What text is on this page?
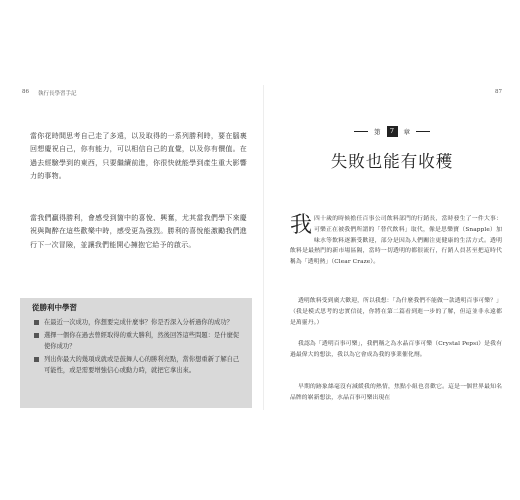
86 執行長學習手記

當你花時間思考自己走了多遠，以及取得的一系列勝利時，要在腦裏回想慶祝自己，你有能力，可以相信自己的直覺，以及你有價值。在過去經驗學到的東西，只要繼續前進，你很快就能學到產生重大影響力的事物。

當我們贏得勝利，會感受到箇中的喜悅、興奮，尤其當我們學下來慶祝與陶醉在這些歡樂中時，感受更為強烈。勝利的喜悅能激勵我們進行下一次冒險，並讓我們能開心擁抱它給予的啟示。

從勝利中學習
在最近一次成功，你想要完成什麼事？你是否深入分析過你的成功？
選擇一個你在過去曾經取得的重大勝利，然後回答這些問題：是什麼促使你成功？
列出你最大的幾項成就或是鼓舞人心的勝利亮點，當你想重新了解自己可能性，或是需要增強信心或動力時，就把它拿出來。
87
第	7	章
失敗也能有收穫
我 四十歲的時候擔任百事公司飲料部門的行銷長，當時發生了一件大事：可樂正在被我們所謂的「替代飲料」取代，像是思樂寶（Snapple）加味水等飲料逐漸受歡迎，部分是因為人們關注更健康的生活方式。透明飲料是最熱門的新市場區隔，當時一切透明的都很流行，行銷人員甚至把這時代稱為「透明熱」（Clear Craze）。

透明飲料受到廣大歡迎，所以我想：「為什麼我們不能做一款透明百事可樂？」（我是模式思考的忠實信徒，你將在第二篇看到進一步的了解，但這並非永遠都是萬靈丹。）

我認為「透明百事可樂」，我們稱之為水晶百事可樂（Crystal Pepsi）是我有過最偉大的想法，我以為它會成為我的事業催化劑。

早期的跡象絲毫沒有減緩我的熱情，焦點小組也喜歡它。這是一個世界最知名品牌的嶄新想法，水晶百事可樂出現在
